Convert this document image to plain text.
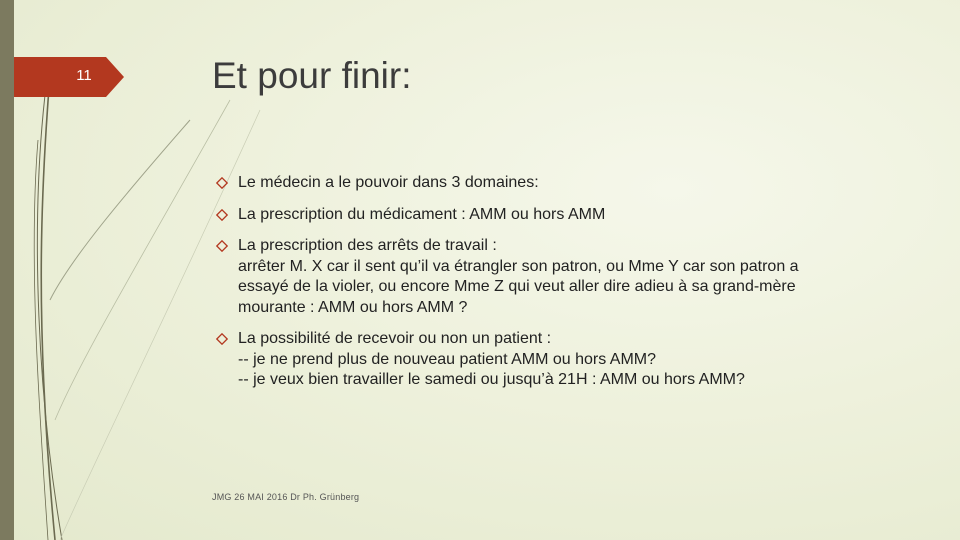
11	Et pour finir:
Le médecin a le pouvoir dans 3 domaines:
La prescription du médicament : AMM ou hors AMM
La prescription des arrêts de travail :
arrêter M. X car il sent qu’il va étrangler son patron, ou Mme Y car son patron a
essayé de la violer, ou encore Mme Z qui veut aller dire adieu à sa grand-mère
mourante : AMM ou hors AMM ?
La possibilité de recevoir ou non un patient :
-- je ne prend plus de nouveau patient AMM ou hors AMM?
-- je veux bien travailler le samedi ou jusqu’à 21H : AMM ou hors AMM?
JMG 26 MAI 2016 Dr Ph. Grünberg
